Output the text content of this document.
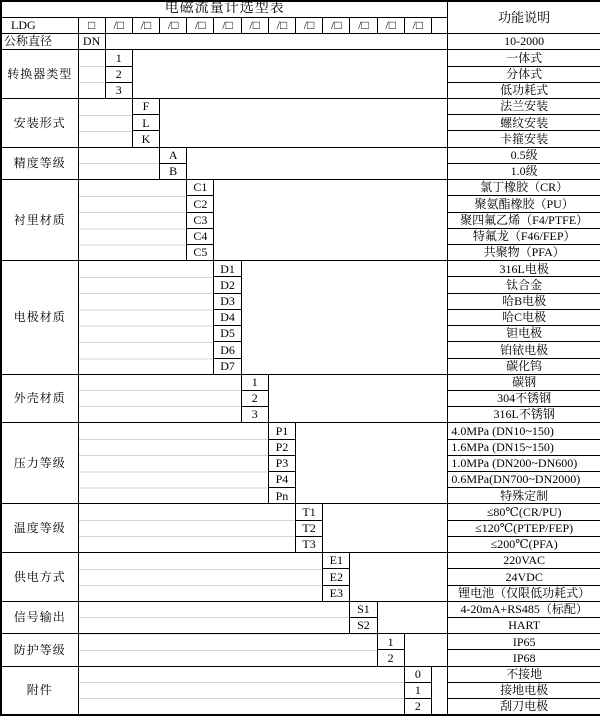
电磁流量计选型表															功能说明
LDG	□	/□	/□	/□	/□	/□	/□	/□	/□	/□	/□	/□	/□		
公称直径	DN														10-2000
转换器类型		1													一体式
		2													分体式
		3													低功耗式
安装形式			F												法兰安装
			L												螺纹安装
			K												卡箍安装
精度等级				A											0.5级
				B											1.0级
衬里材质					C1										氯丁橡胶（CR）
					C2										聚氨酯橡胶（PU）
					C3										聚四氟乙烯（F4/PTFE）
					C4										特氟龙（F46/FEP）
					C5										共聚物（PFA）
电极材质						D1									316L电极
						D2									钛合金
						D3									哈B电极
						D4									哈C电极
						D5									钽电极
						D6									铂铱电极
						D7									碳化钨
外壳材质							1								碳钢
							2								304不锈钢
							3								316L不锈钢
压力等级								P1							4.0MPa (DN10~150)
								P2							1.6MPa (DN15~150)
								P3							1.0MPa (DN200~DN600)
								P4							0.6MPa(DN700~DN2000)
								Pn							特殊定制
温度等级									T1						≤80℃(CR/PU)
									T2						≤120℃(PTEP/FEP)
									T3						≤200℃(PFA)
供电方式										E1					220VAC
										E2					24VDC
										E3					锂电池（仅限低功耗式）
信号输出											S1				4-20mA+RS485（标配）
											S2				HART
防护等级												1			IP65
												2			IP68
附件													0		不接地
													1		接地电极
													2		刮刀电极
